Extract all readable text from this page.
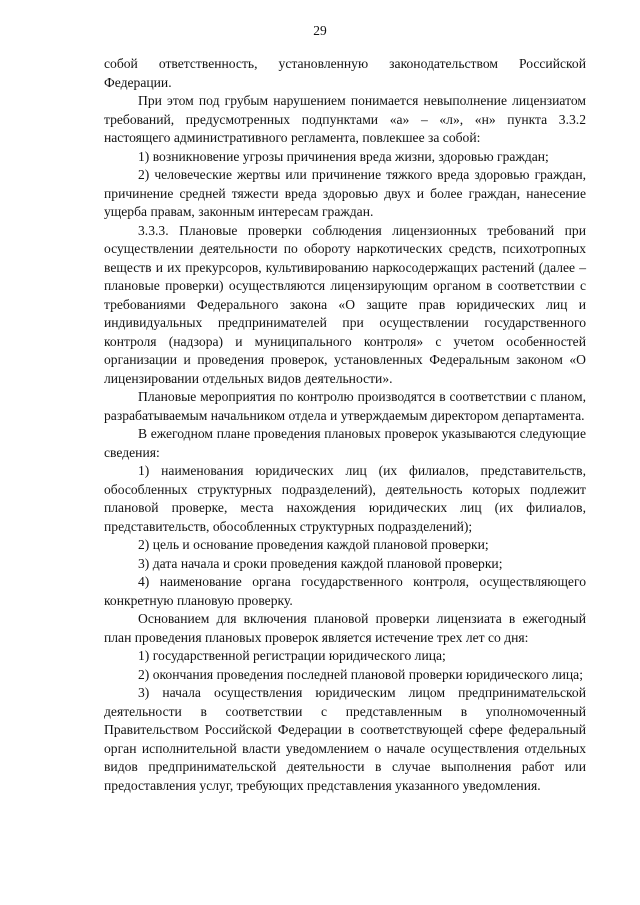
29

собой ответственность, установленную законодательством Российской Федерации.

При этом под грубым нарушением понимается невыполнение лицензиатом требований, предусмотренных подпунктами «а» – «л», «н» пункта 3.3.2 настоящего административного регламента, повлекшее за собой:

1) возникновение угрозы причинения вреда жизни, здоровью граждан;

2) человеческие жертвы или причинение тяжкого вреда здоровью граждан, причинение средней тяжести вреда здоровью двух и более граждан, нанесение ущерба правам, законным интересам граждан.

3.3.3. Плановые проверки соблюдения лицензионных требований при осуществлении деятельности по обороту наркотических средств, психотропных веществ и их прекурсоров, культивированию наркосодержащих растений (далее – плановые проверки) осуществляются лицензирующим органом в соответствии с требованиями Федерального закона «О защите прав юридических лиц и индивидуальных предпринимателей при осуществлении государственного контроля (надзора) и муниципального контроля» с учетом особенностей организации и проведения проверок, установленных Федеральным законом «О лицензировании отдельных видов деятельности».

Плановые мероприятия по контролю производятся в соответствии с планом, разрабатываемым начальником отдела и утверждаемым директором департамента.

В ежегодном плане проведения плановых проверок указываются следующие сведения:

1) наименования юридических лиц (их филиалов, представительств, обособленных структурных подразделений), деятельность которых подлежит плановой проверке, места нахождения юридических лиц (их филиалов, представительств, обособленных структурных подразделений);

2) цель и основание проведения каждой плановой проверки;

3) дата начала и сроки проведения каждой плановой проверки;

4) наименование органа государственного контроля, осуществляющего конкретную плановую проверку.

Основанием для включения плановой проверки лицензиата в ежегодный план проведения плановых проверок является истечение трех лет со дня:

1) государственной регистрации юридического лица;

2) окончания проведения последней плановой проверки юридического лица;

3) начала осуществления юридическим лицом предпринимательской деятельности в соответствии с представленным в уполномоченный Правительством Российской Федерации в соответствующей сфере федеральный орган исполнительной власти уведомлением о начале осуществления отдельных видов предпринимательской деятельности в случае выполнения работ или предоставления услуг, требующих представления указанного уведомления.
